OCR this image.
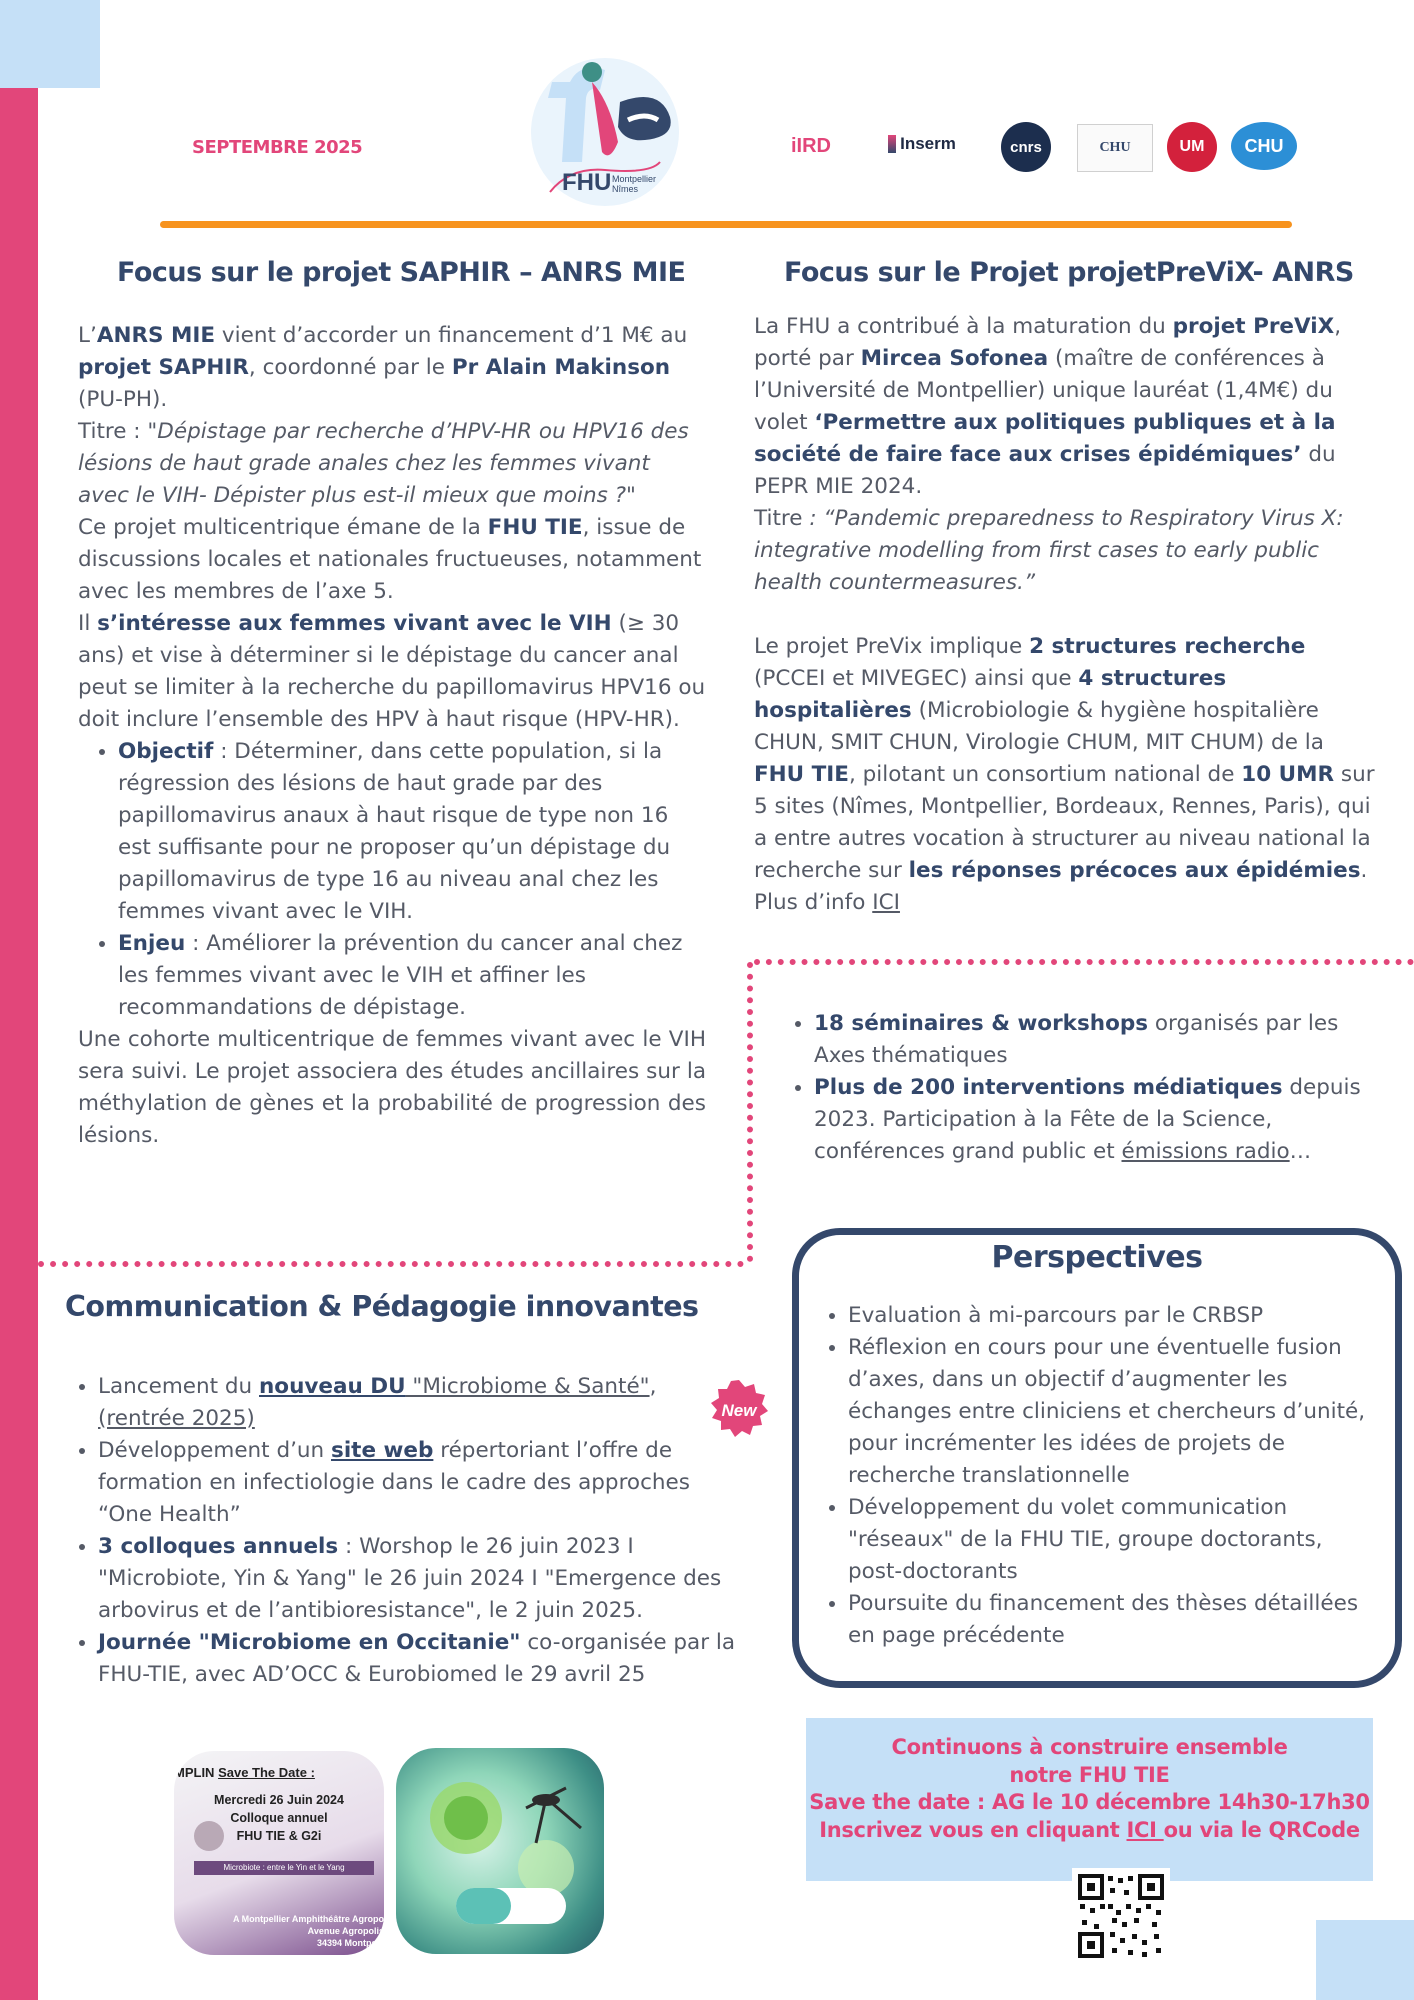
SEPTEMBRE 2025
FHU Montpellier
Nîmes
i IRD	Inserm	cnrs	CHU	UM CHU
Focus sur le projet SAPHIR – ANRS MIE

L’ANRS MIE vient d’accorder un financement d’1 M€ au projet SAPHIR, coordonné par le Pr Alain Makinson (PU-PH).

Titre : "Dépistage par recherche d’HPV-HR ou HPV16 des lésions de haut grade anales chez les femmes vivant avec le VIH- Dépister plus est-il mieux que moins ?"

Ce projet multicentrique émane de la FHU TIE, issue de discussions locales et nationales fructueuses, notamment avec les membres de l’axe 5.

Il s’intéresse aux femmes vivant avec le VIH (≥ 30 ans) et vise à déterminer si le dépistage du cancer anal peut se limiter à la recherche du papillomavirus HPV16 ou doit inclure l’ensemble des HPV à haut risque (HPV-HR).

• Objectif : Déterminer, dans cette population, si la régression des lésions de haut grade par des papillomavirus anaux à haut risque de type non 16 est suffisante pour ne proposer qu’un dépistage du papillomavirus de type 16 au niveau anal chez les femmes vivant avec le VIH.
• Enjeu : Améliorer la prévention du cancer anal chez les femmes vivant avec le VIH et affiner les recommandations de dépistage.

Une cohorte multicentrique de femmes vivant avec le VIH sera suivi. Le projet associera des études ancillaires sur la méthylation de gènes et la probabilité de progression des lésions.

Focus sur le Projet projetPreViX- ANRS

La FHU a contribué à la maturation du projet PreViX, porté par Mircea Sofonea (maître de conférences à l’Université de Montpellier) unique lauréat (1,4M€) du volet ‘Permettre aux politiques publiques et à la société de faire face aux crises épidémiques’ du PEPR MIE 2024.

Titre : “Pandemic preparedness to Respiratory Virus X: integrative modelling from first cases to early public health countermeasures.”

Le projet PreVix implique 2 structures recherche (PCCEI et MIVEGEC) ainsi que 4 structures hospitalières (Microbiologie & hygiène hospitalière CHUN, SMIT CHUN, Virologie CHUM, MIT CHUM) de la FHU TIE, pilotant un consortium national de 10 UMR sur 5 sites (Nîmes, Montpellier, Bordeaux, Rennes, Paris), qui a entre autres vocation à structurer au niveau national la recherche sur les réponses précoces aux épidémies. Plus d’info ICI

• 18 séminaires & workshops organisés par les Axes thématiques
• Plus de 200 interventions médiatiques depuis 2023. Participation à la Fête de la Science, conférences grand public et émissions radio…
Communication & Pédagogie innovantes
• Lancement du nouveau DU "Microbiome & Santé", (rentrée 2025)
• Développement d’un site web répertoriant l’offre de formation en infectiologie dans le cadre des approches “One Health”
• 3 colloques annuels : Worshop le 26 juin 2023 I "Microbiote, Yin & Yang" le 26 juin 2024 I "Emergence des arbovirus et de l’antibioresistance", le 2 juin 2025.
• Journée "Microbiome en Occitanie" co-organisée par la FHU-TIE, avec AD’OCC & Eurobiomed le 29 avril 25
New
MPLIN Save The Date :
Mercredi 26 Juin 2024
Colloque annuel
FHU TIE & G2i
Microbiote : entre le Yin et le Yang
A Montpellier Amphithéâtre Agropo
Avenue Agropolis
34394 Montpelli
Perspectives
• Evaluation à mi-parcours par le CRBSP
• Réflexion en cours pour une éventuelle fusion d’axes, dans un objectif d’augmenter les échanges entre cliniciens et chercheurs d’unité, pour incrémenter les idées de projets de recherche translationnelle
• Développement du volet communication "réseaux" de la FHU TIE, groupe doctorants, post-doctorants
• Poursuite du financement des thèses détaillées en page précédente
Continuons à construire ensemble
notre FHU TIE
Save the date : AG le 10 décembre 14h30-17h30
Inscrivez vous en cliquant ICI ou via le QRCode
